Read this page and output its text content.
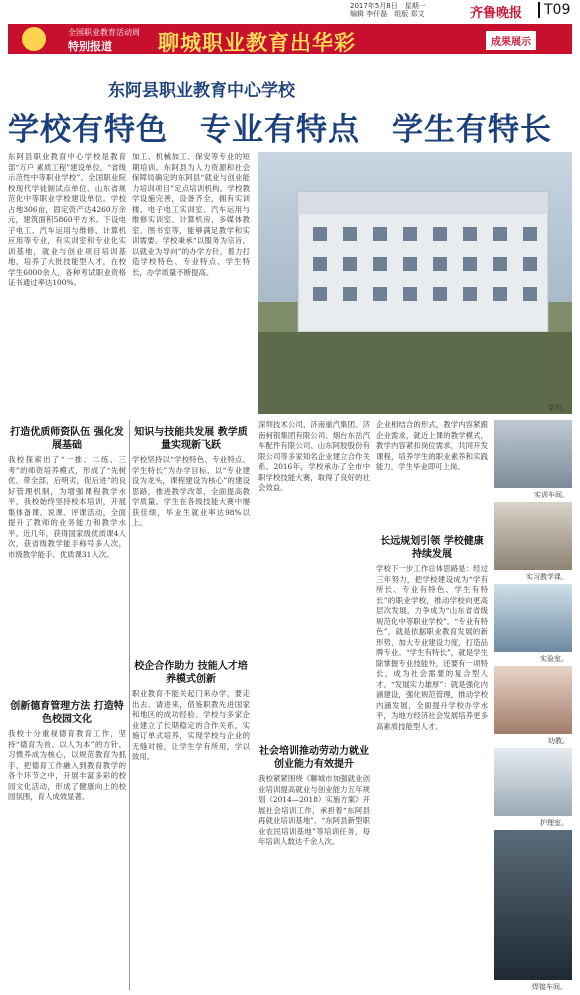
2017年5月8日　星期一
编辑 李仟磊　组版 郑文	齐鲁晚报	T09
全国职业教育活动周
特别报道 聊城职业教育出华彩	成果展示
东阿县职业教育中心学校
学校有特色　专业有特点　学生有特长
东阿县职业教育中心学校是教育部“万户 素质工程”建设单位、“省级示范性中等职业学校”、全国职业院校现代学徒制试点单位、山东省规范化中等职业学校建设单位。学校占地306亩，固定资产达4260万余元，建筑面积5860平方米。下设电子电工、汽车运用与维修、计算机应用等专业，有实训室和专业化实训基地，就业与创业项目培训基地，培养了大批技能型人才，在校学生6000余人，各种考试职业资格证书通过率达100%。
加工、机械加工、保安等专业的短期培训。东阿县为人力资源和社会保障局确定的东阿县“就业与创业能力培训项目”定点培训机构。学校教学设施完善，设备齐全，拥有实训楼、电子电工实训室、汽车运用与维修实训室、计算机房、多媒体教室、图书室等，能够满足教学和实训需要。学校秉承“以服务为宗旨，以就业为导向”的办学方针，着力打造学校特色、专业特点、学生特长，办学质量不断提高。
学校。
打造优质师资队伍 强化发展基础
我校探索出了“一推、二练、三考”的师资培养模式，形成了“先树优、带全部，后明劣，促后进”的良好管理机制，为增强课程教学水平，我校始终坚持校本培训，开展集体备课、说课、评课活动，全面提升了教师的业务能力和教学水平。近几年，获得国家级优质课4人次，获省级教学能手称号多人次，市级教学能手、优质课31人次。
创新德育管理方法 打造特色校园文化
我校十分重视德育教育工作，坚持“德育为首、以人为本”的方针，习惯养成为核心，以规范教育为抓手，把德育工作融入到教育教学的各个环节之中，开展丰富多彩的校园文化活动，形成了健康向上的校园氛围，育人成效显著。
知识与技能共发展 教学质量实现新飞跃
学校坚持以“学校特色、专业特点、学生特长”为办学目标，以“专业建设为龙头，课程建设为核心”的建设思路，推进教学改革，全面提高教学质量。学生在各级技能大赛中屡获佳绩，毕业生就业率达98%以上。
校企合作助力 技能人才培养模式创新
职业教育不能关起门来办学，要走出去、请进来，借鉴职教先进国家和地区的成功经验。学校与多家企业建立了长期稳定的合作关系，实施订单式培养，实现学校与企业的无缝对接，让学生学有所用，学以致用。
深圳技术公司、济南重汽集团、济南柯银集团有限公司、烟台东岳汽车配件有限公司、山东阿胶股份有限公司等多家知名企业建立合作关系。2016年，学校承办了全市中职学校技能大赛，取得了良好的社会效益。
社会培训推动劳动力就业创业能力有效提升
我校紧紧围绕《聊城市加强就业创业培训提高就业与创业能力五年规划（2014—2018）实施方案》开展社会培训工作，承担着“东阿县再就业培训基地”、“东阿县新型职业农民培训基地”等培训任务，每年培训人数达千余人次。
企业相结合的形式，教学内容紧跟企业需求，就近上课的教学模式，教学内容紧扣岗位需求，共同开发课程，培养学生的职业素养和实践能力，学生毕业即可上岗。
长远规划引领 学校健康持续发展
学校下一步工作总体思路是：经过三年努力，把学校建设成为“学有所长、专业有特色、学生有特长”的职业学校，推动学校向更高层次发展，力争成为“山东省省级规范化中等职业学校”。“专业有特色”，就是依据职业教育发展的新形势，加大专业建设力度，打造品牌专业。“学生有特长”，就是学生除掌握专业技能外，还要有一项特长，成为社会需要的复合型人才。“发展实力雄厚”：就是强化内涵建设，强化规范管理，推动学校内涵发展，全面提升学校办学水平，为地方经济社会发展培养更多高素质技能型人才。
实训车间。
实习教学课。
实验室。
幼教。
护理室。
焊接车间。
